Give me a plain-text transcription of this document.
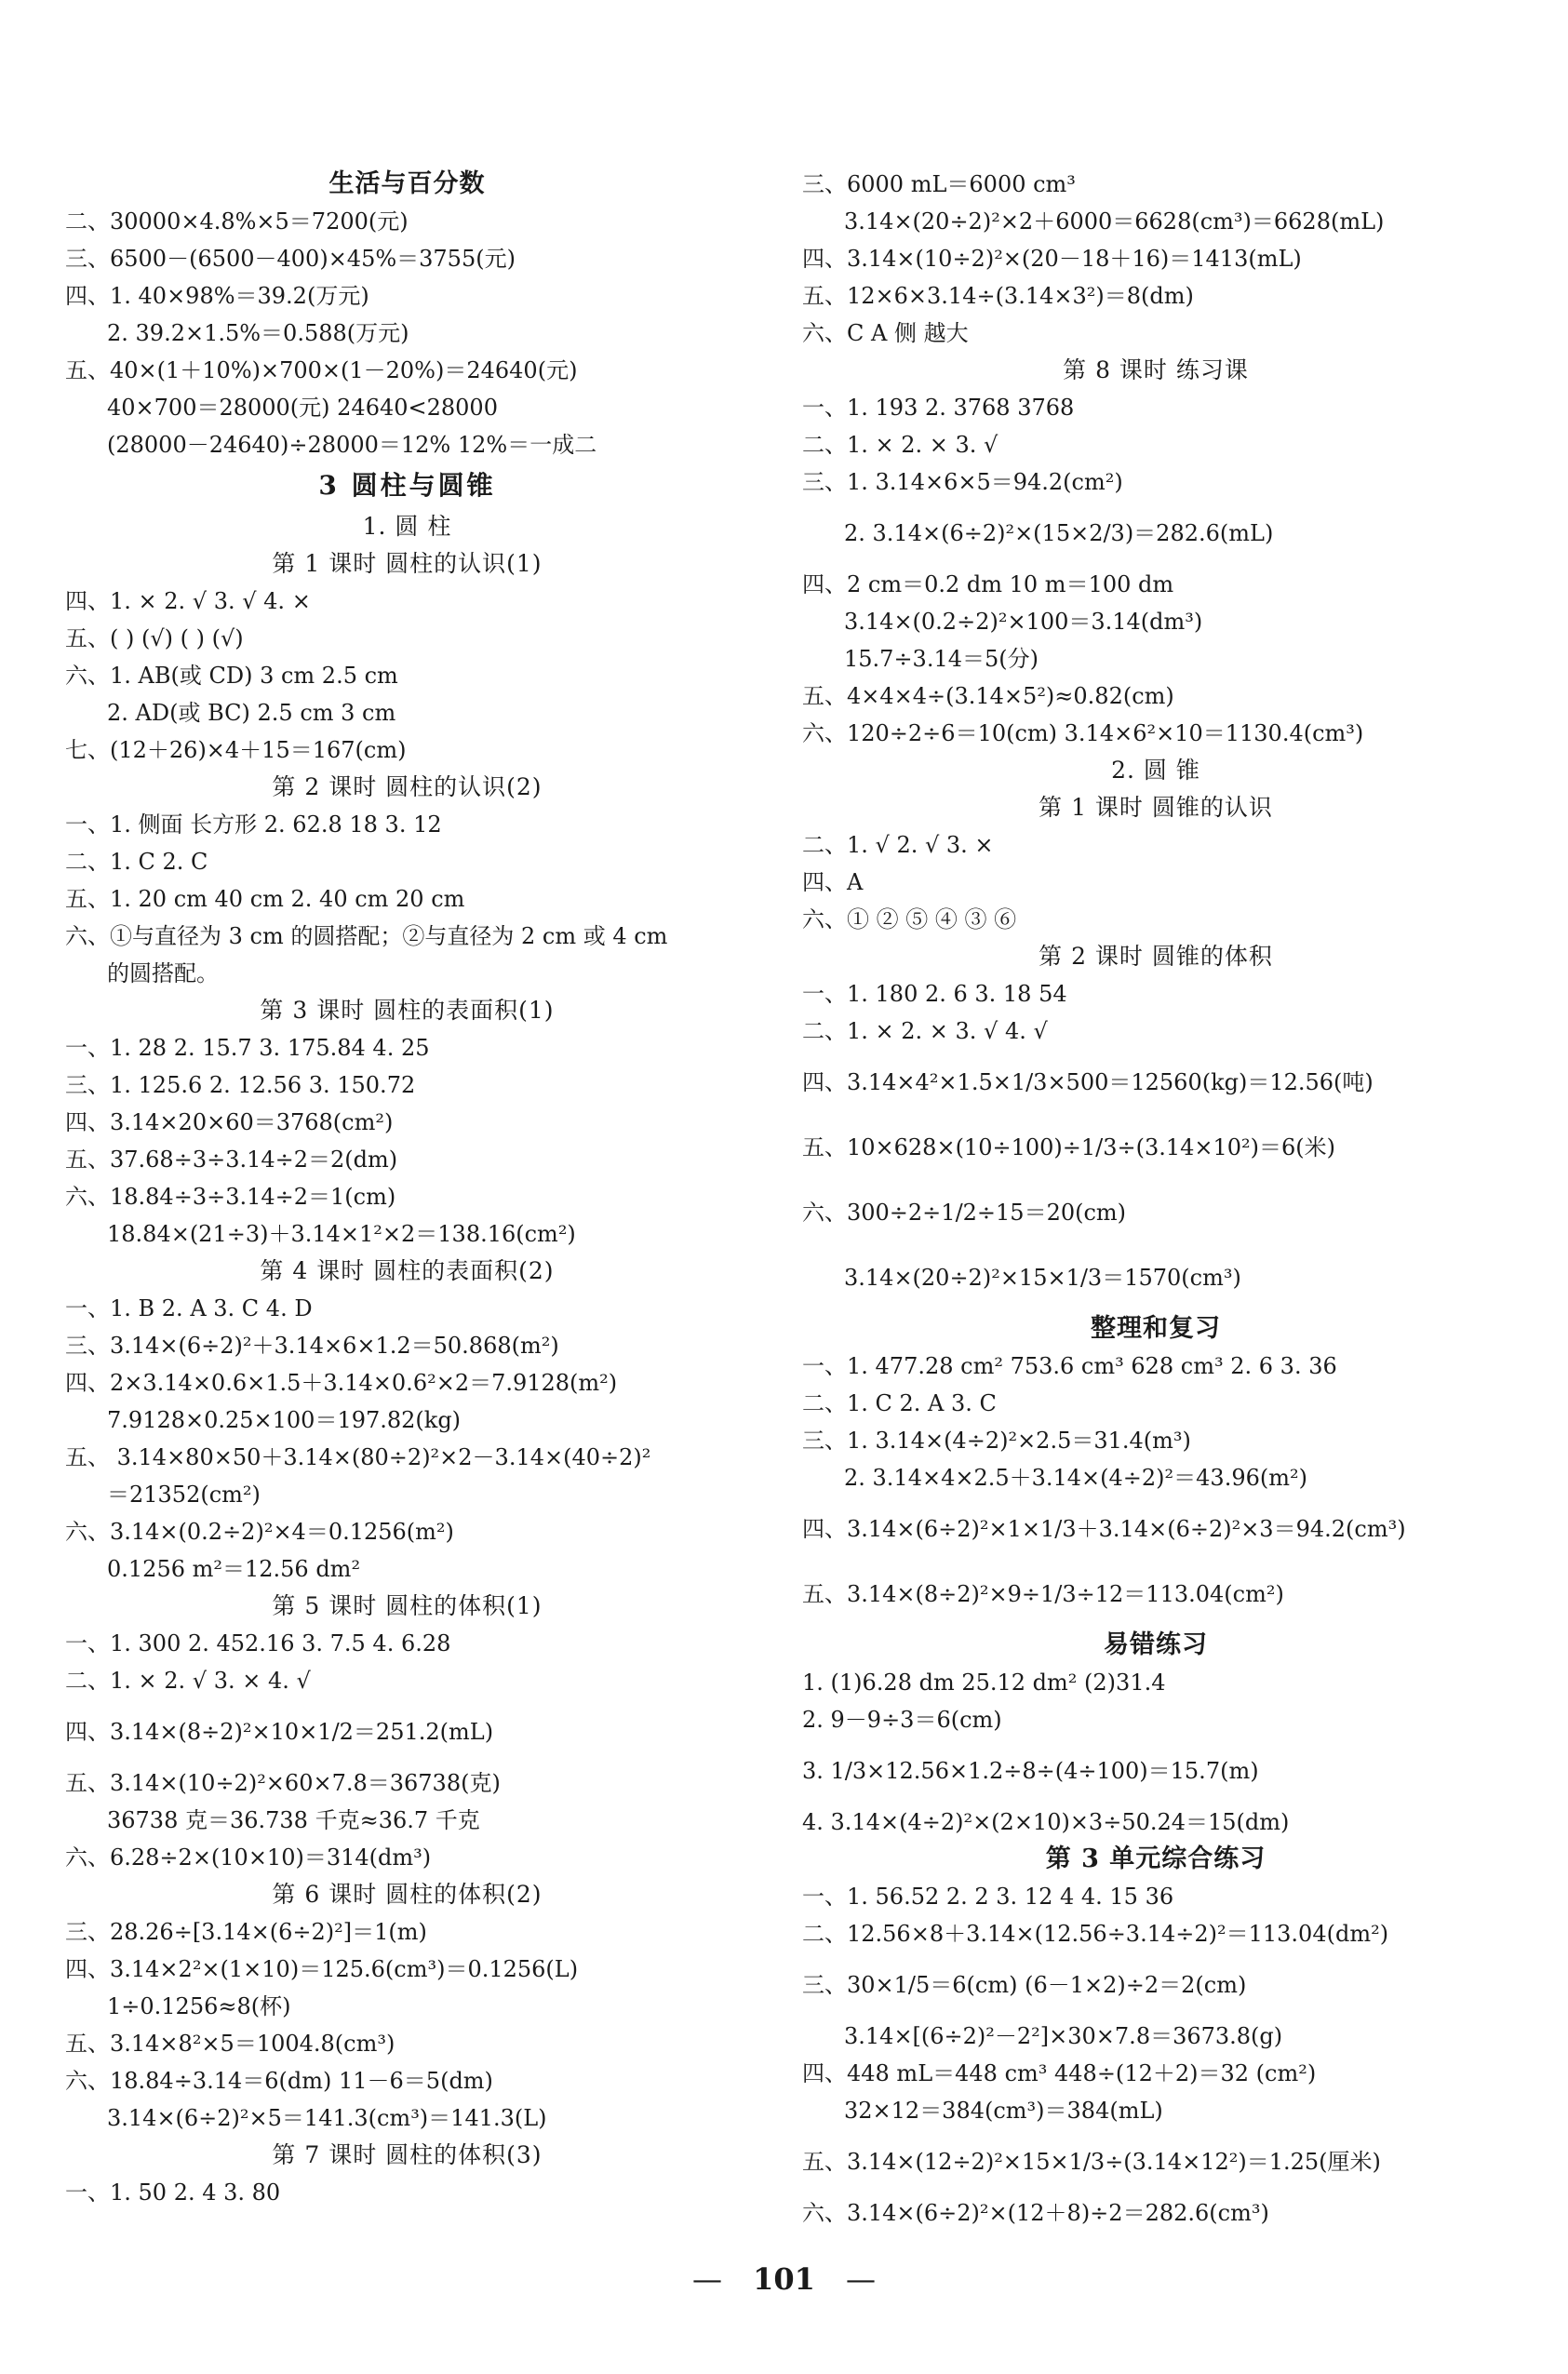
生活与百分数
二、30000×4.8%×5＝7200(元)
三、6500－(6500－400)×45%＝3755(元)
四、1. 40×98%＝39.2(万元)
2. 39.2×1.5%＝0.588(万元)
五、40×(1＋10%)×700×(1－20%)＝24640(元)
40×700＝28000(元) 24640<28000
(28000－24640)÷28000＝12% 12%＝一成二
3 圆柱与圆锥
1. 圆 柱
第 1 课时 圆柱的认识(1)
四、1. × 2. √ 3. √ 4. ×
五、( ) (√) ( ) (√)
六、1. AB(或 CD) 3 cm 2.5 cm
2. AD(或 BC) 2.5 cm 3 cm
七、(12＋26)×4＋15＝167(cm)
第 2 课时 圆柱的认识(2)
一、1. 侧面 长方形 2. 62.8 18 3. 12
二、1. C 2. C
五、1. 20 cm 40 cm 2. 40 cm 20 cm
六、①与直径为 3 cm 的圆搭配；②与直径为 2 cm 或 4 cm
的圆搭配。
第 3 课时 圆柱的表面积(1)
一、1. 28 2. 15.7 3. 175.84 4. 25
三、1. 125.6 2. 12.56 3. 150.72
四、3.14×20×60＝3768(cm²)
五、37.68÷3÷3.14÷2＝2(dm)
六、18.84÷3÷3.14÷2＝1(cm)
18.84×(21÷3)＋3.14×1²×2＝138.16(cm²)
第 4 课时 圆柱的表面积(2)
一、1. B 2. A 3. C 4. D
三、3.14×(6÷2)²＋3.14×6×1.2＝50.868(m²)
四、2×3.14×0.6×1.5＋3.14×0.6²×2＝7.9128(m²)
7.9128×0.25×100＝197.82(kg)
五、 3.14×80×50＋3.14×(80÷2)²×2－3.14×(40÷2)²
＝21352(cm²)
六、3.14×(0.2÷2)²×4＝0.1256(m²)
0.1256 m²＝12.56 dm²
第 5 课时 圆柱的体积(1)
一、1. 300 2. 452.16 3. 7.5 4. 6.28
二、1. × 2. √ 3. × 4. √
四、3.14×(8÷2)²×10×1/2＝251.2(mL)
五、3.14×(10÷2)²×60×7.8＝36738(克)
36738 克＝36.738 千克≈36.7 千克
六、6.28÷2×(10×10)＝314(dm³)
第 6 课时 圆柱的体积(2)
三、28.26÷[3.14×(6÷2)²]＝1(m)
四、3.14×2²×(1×10)＝125.6(cm³)＝0.1256(L)
1÷0.1256≈8(杯)
五、3.14×8²×5＝1004.8(cm³)
六、18.84÷3.14＝6(dm) 11－6＝5(dm)
3.14×(6÷2)²×5＝141.3(cm³)＝141.3(L)
第 7 课时 圆柱的体积(3)
一、1. 50 2. 4 3. 80
三、6000 mL＝6000 cm³
3.14×(20÷2)²×2＋6000＝6628(cm³)＝6628(mL)
四、3.14×(10÷2)²×(20－18＋16)＝1413(mL)
五、12×6×3.14÷(3.14×3²)＝8(dm)
六、C A 侧 越大
第 8 课时 练习课
一、1. 193 2. 3768 3768
二、1. × 2. × 3. √
三、1. 3.14×6×5＝94.2(cm²)
2. 3.14×(6÷2)²×(15×2/3)＝282.6(mL)
四、2 cm＝0.2 dm 10 m＝100 dm
3.14×(0.2÷2)²×100＝3.14(dm³)
15.7÷3.14＝5(分)
五、4×4×4÷(3.14×5²)≈0.82(cm)
六、120÷2÷6＝10(cm) 3.14×6²×10＝1130.4(cm³)
2. 圆 锥
第 1 课时 圆锥的认识
二、1. √ 2. √ 3. ×
四、A
六、① ② ⑤ ④ ③ ⑥
第 2 课时 圆锥的体积
一、1. 180 2. 6 3. 18 54
二、1. × 2. × 3. √ 4. √
四、3.14×4²×1.5×1/3×500＝12560(kg)＝12.56(吨)
五、10×628×(10÷100)÷1/3÷(3.14×10²)＝6(米)
六、300÷2÷1/2÷15＝20(cm)
3.14×(20÷2)²×15×1/3＝1570(cm³)
整理和复习
一、1. 477.28 cm² 753.6 cm³ 628 cm³ 2. 6 3. 36
二、1. C 2. A 3. C
三、1. 3.14×(4÷2)²×2.5＝31.4(m³)
2. 3.14×4×2.5＋3.14×(4÷2)²＝43.96(m²)
四、3.14×(6÷2)²×1×1/3＋3.14×(6÷2)²×3＝94.2(cm³)
五、3.14×(8÷2)²×9÷1/3÷12＝113.04(cm²)
易错练习
1. (1)6.28 dm 25.12 dm² (2)31.4
2. 9－9÷3＝6(cm)
3. 1/3×12.56×1.2÷8÷(4÷100)＝15.7(m)
4. 3.14×(4÷2)²×(2×10)×3÷50.24＝15(dm)
第 3 单元综合练习
一、1. 56.52 2. 2 3. 12 4 4. 15 36
二、12.56×8＋3.14×(12.56÷3.14÷2)²＝113.04(dm²)
三、30×1/5＝6(cm) (6－1×2)÷2＝2(cm)
3.14×[(6÷2)²－2²]×30×7.8＝3673.8(g)
四、448 mL＝448 cm³ 448÷(12＋2)＝32 (cm²)
32×12＝384(cm³)＝384(mL)
五、3.14×(12÷2)²×15×1/3÷(3.14×12²)＝1.25(厘米)
六、3.14×(6÷2)²×(12＋8)÷2＝282.6(cm³)
— 101 —
